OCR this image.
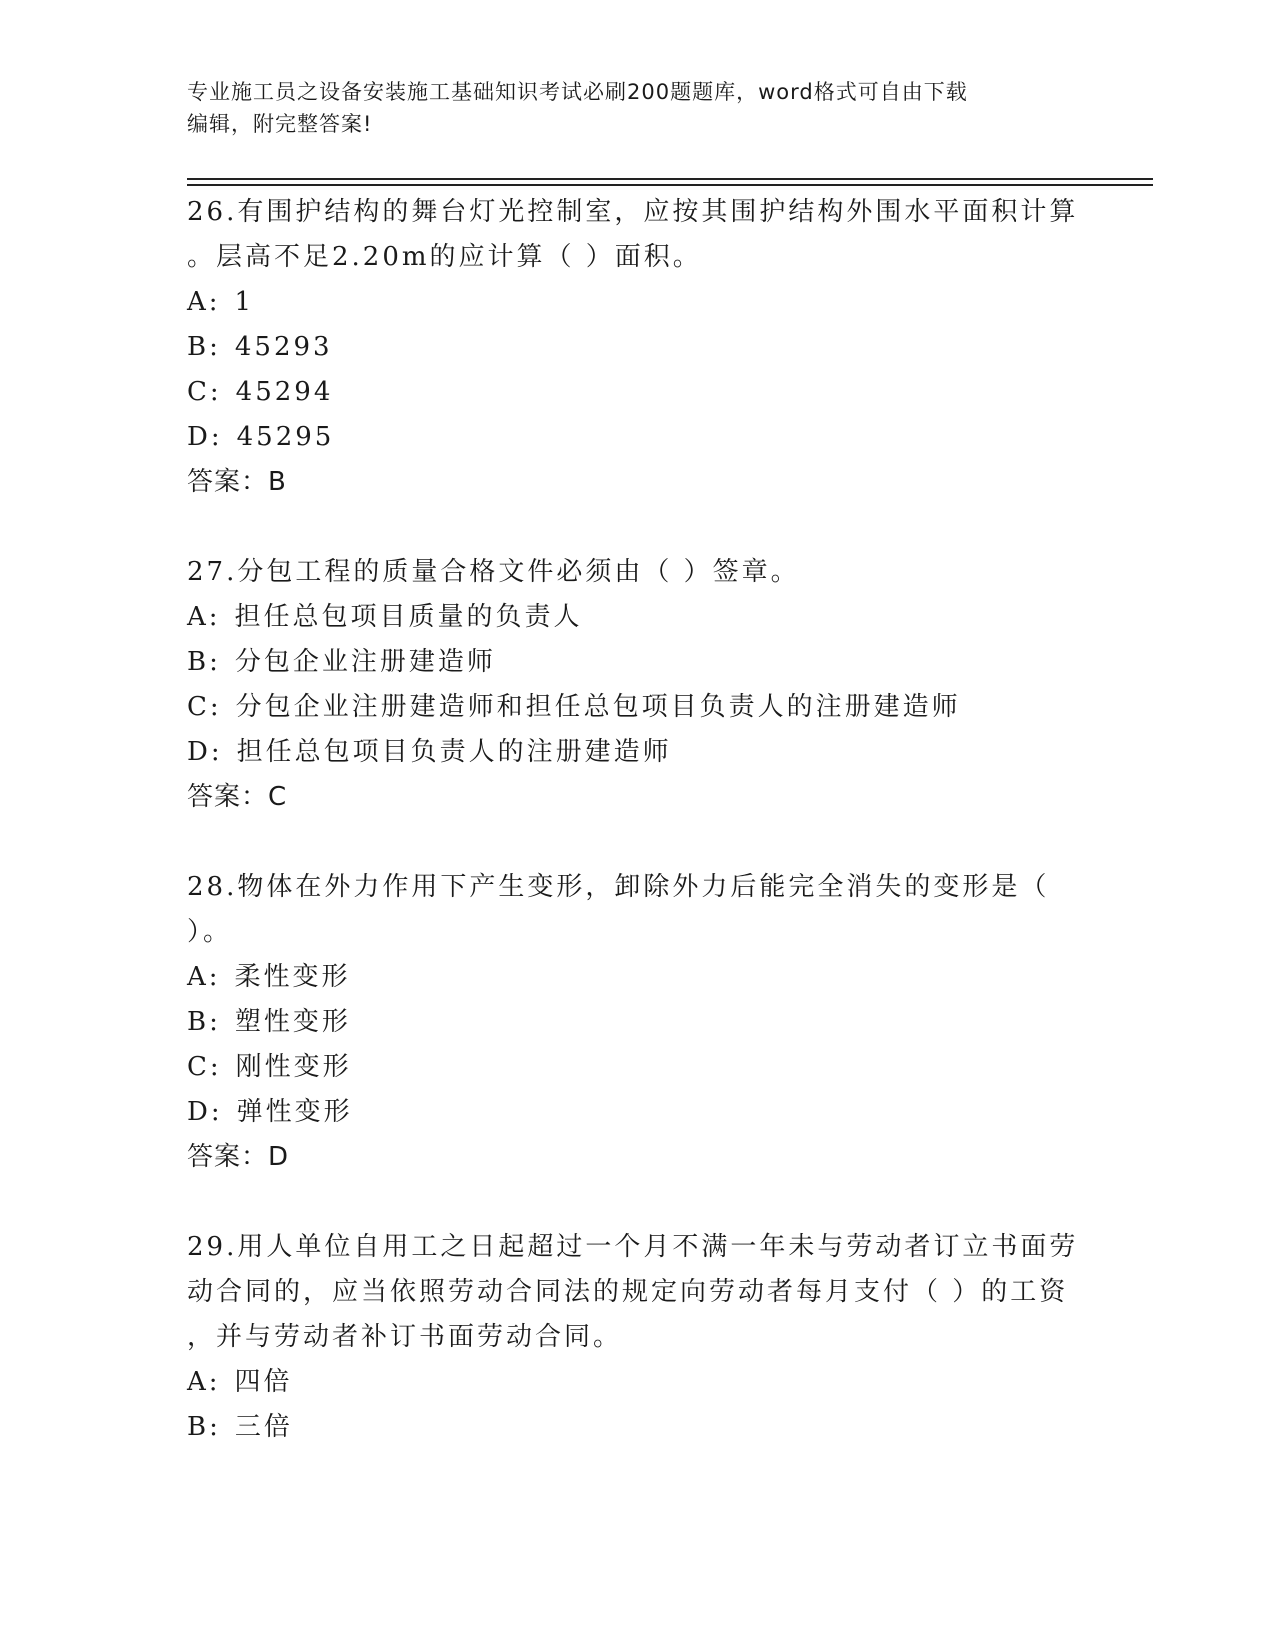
专业施工员之设备安装施工基础知识考试必刷200题题库，word格式可自由下载
编辑，附完整答案!
26.有围护结构的舞台灯光控制室，应按其围护结构外围水平面积计算
。层高不足2.20m的应计算（ ）面积。
A: 1
B: 45293
C: 45294
D: 45295
答案：B
27.分包工程的质量合格文件必须由（ ）签章。
A: 担任总包项目质量的负责人
B: 分包企业注册建造师
C: 分包企业注册建造师和担任总包项目负责人的注册建造师
D: 担任总包项目负责人的注册建造师
答案：C
28.物体在外力作用下产生变形，卸除外力后能完全消失的变形是（
）。
A: 柔性变形
B: 塑性变形
C: 刚性变形
D: 弹性变形
答案：D
29.用人单位自用工之日起超过一个月不满一年未与劳动者订立书面劳
动合同的，应当依照劳动合同法的规定向劳动者每月支付（ ）的工资
，并与劳动者补订书面劳动合同。
A: 四倍
B: 三倍
